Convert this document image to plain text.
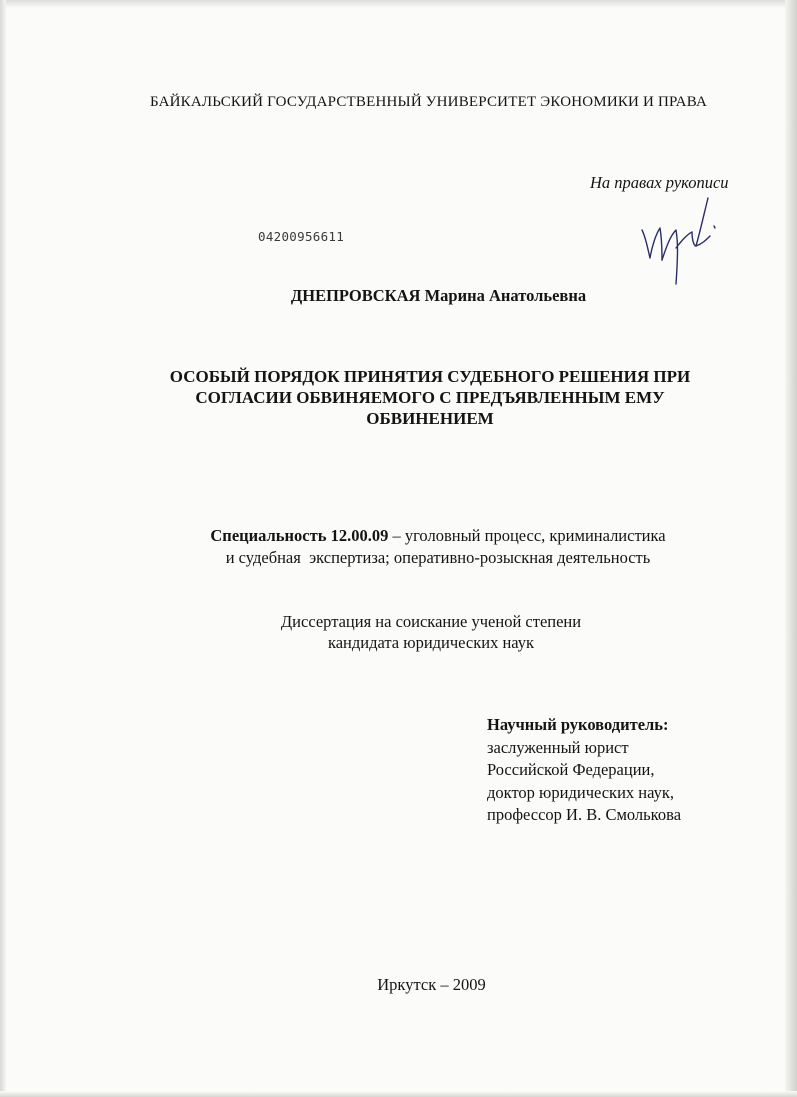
БАЙКАЛЬСКИЙ ГОСУДАРСТВЕННЫЙ УНИВЕРСИТЕТ ЭКОНОМИКИ И ПРАВА
На правах рукописи
04200956611
ДНЕПРОВСКАЯ Марина Анатольевна
ОСОБЫЙ ПОРЯДОК ПРИНЯТИЯ СУДЕБНОГО РЕШЕНИЯ ПРИ
СОГЛАСИИ ОБВИНЯЕМОГО С ПРЕДЪЯВЛЕННЫМ ЕМУ
ОБВИНЕНИЕМ
Специальность 12.00.09 – уголовный процесс, криминалистика
и судебная  экспертиза; оперативно-розыскная деятельность
Диссертация на соискание ученой степени
кандидата юридических наук
Научный руководитель:
заслуженный юрист
Российской Федерации,
доктор юридических наук,
профессор И. В. Смолькова
Иркутск – 2009
